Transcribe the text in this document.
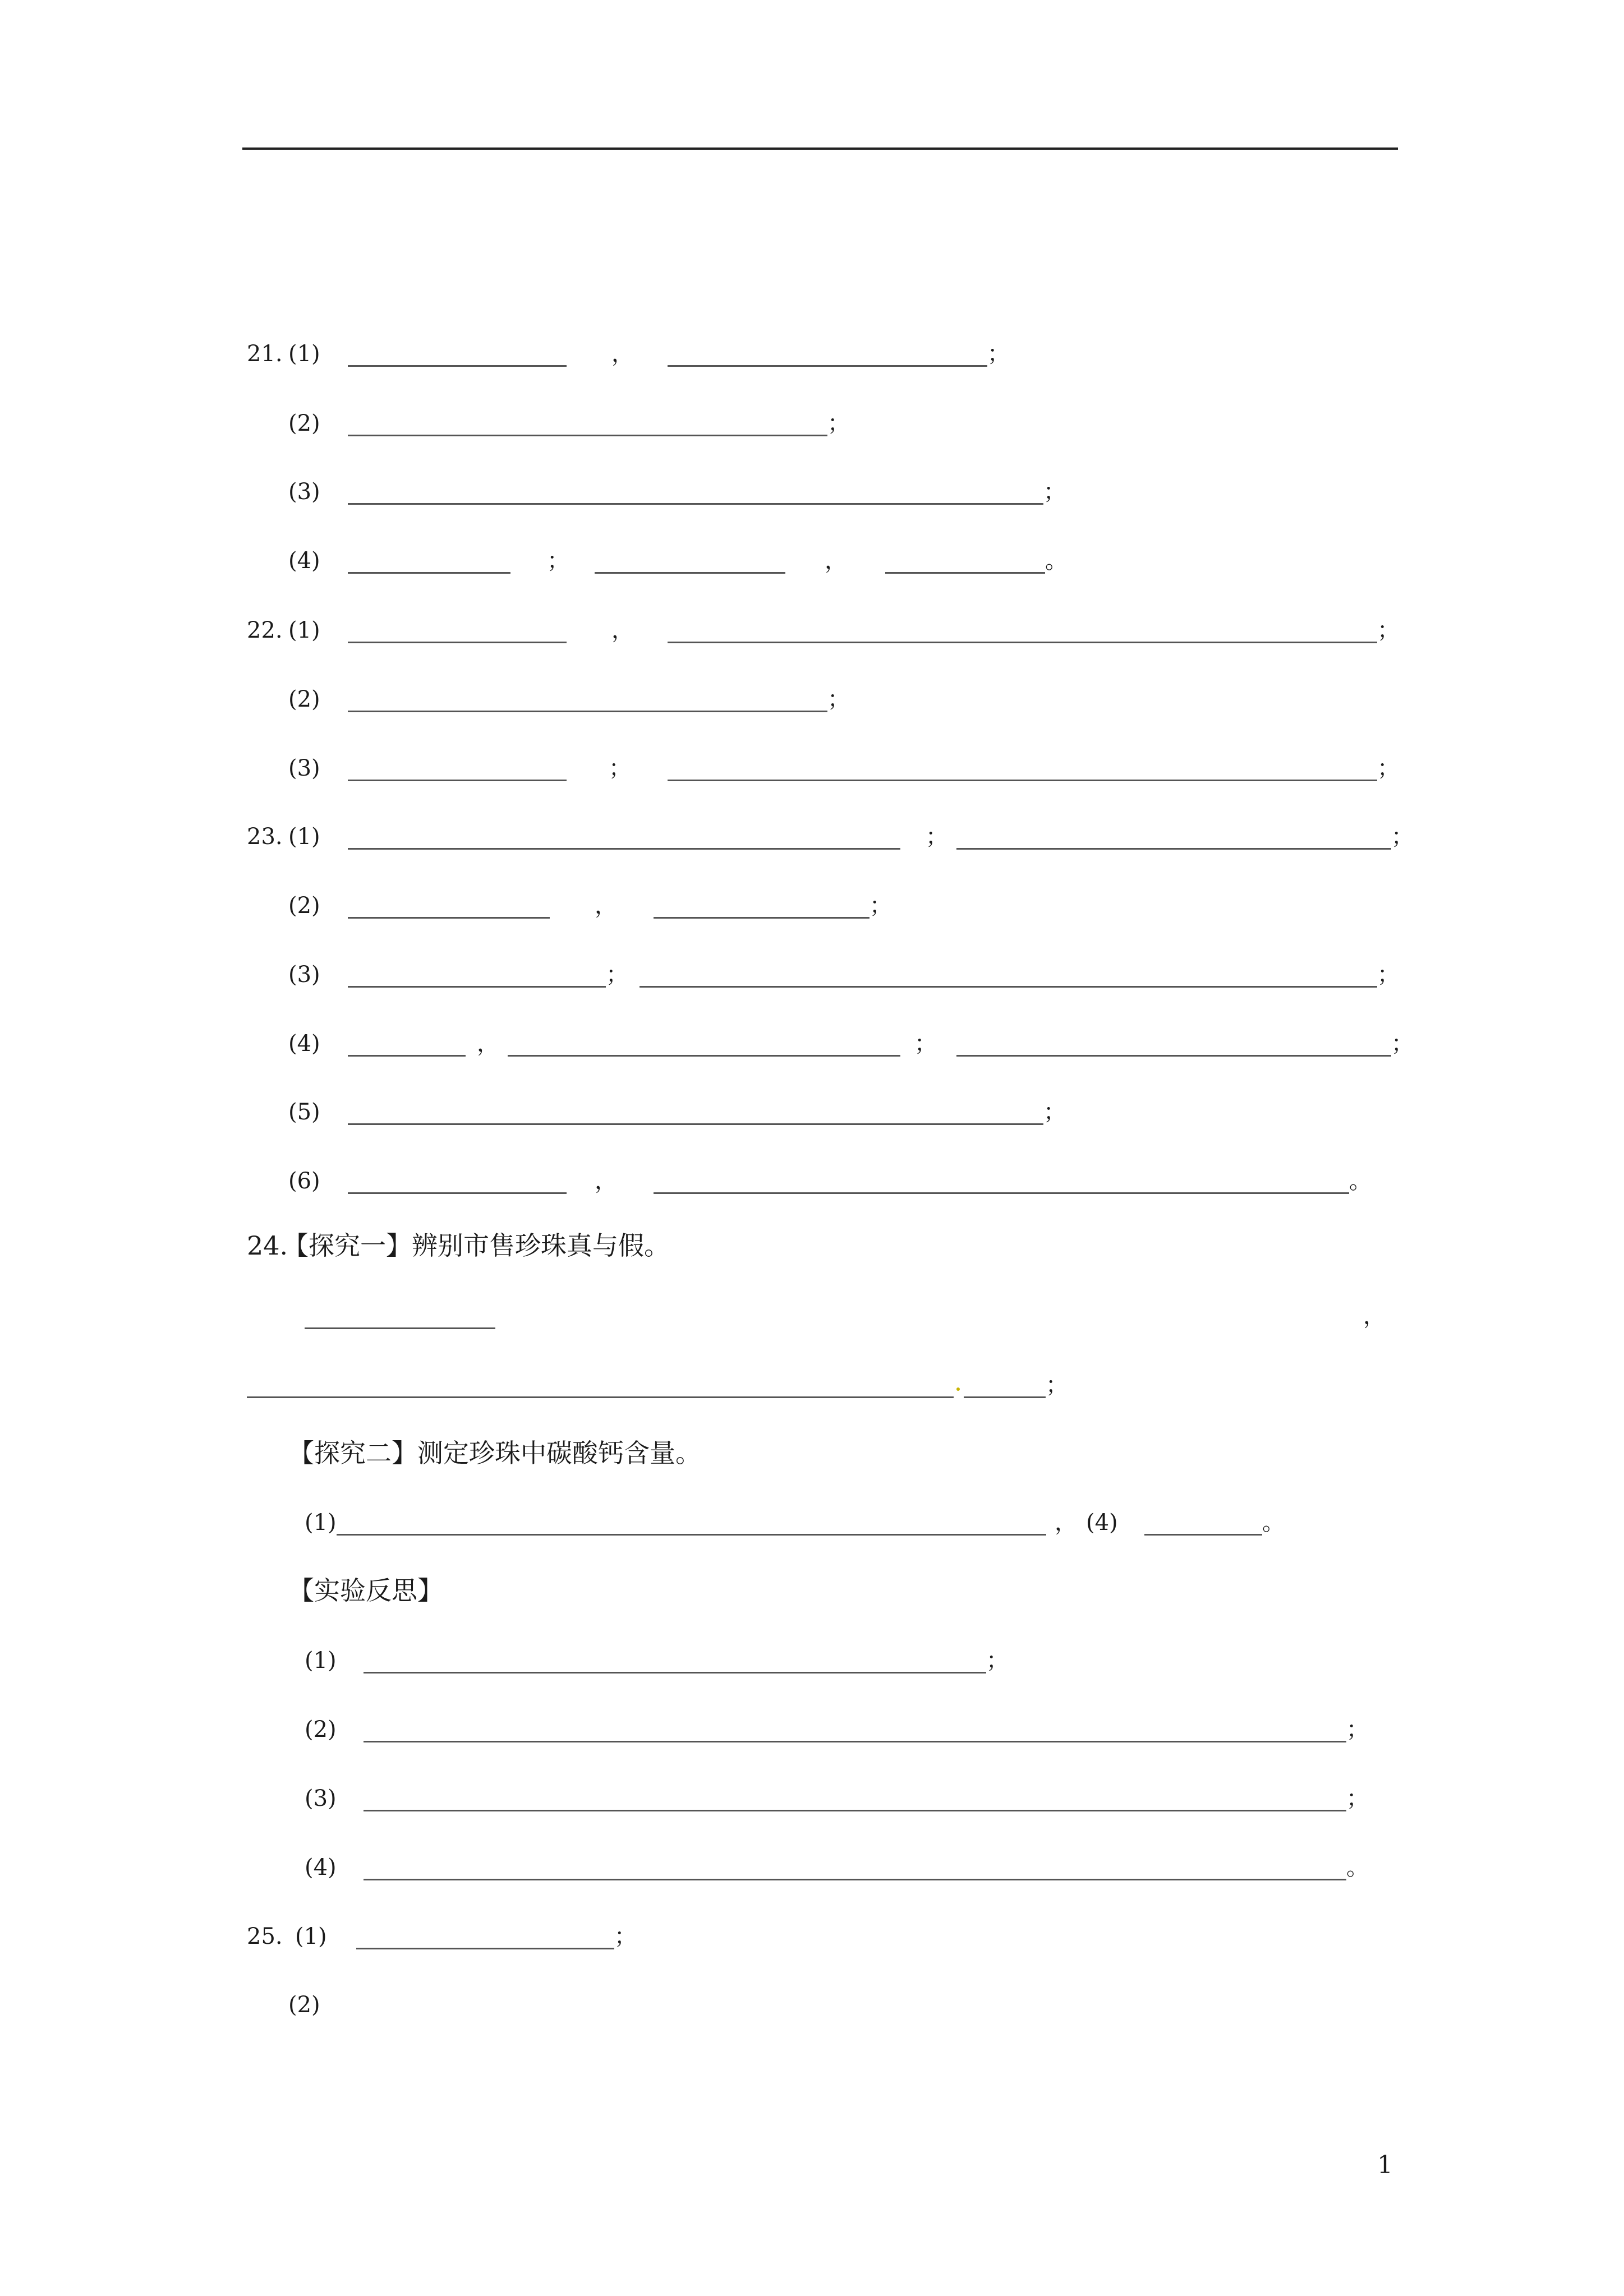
21. (1)	，	；
(2)	；
(3)	；
(4)	；	，	。
22. (1)	，	；
(2)	；
(3)	；	；
23. (1)	；	；
(2)	，	；
(3)	；	；
(4)	，	；	；
(5)	；
(6)	，	。
24.
【探究一】辨别市售珍珠真与假。
，
；
【探究二】测定珍珠中碳酸钙含量。
(1)	， (4)	。
【实验反思】
(1)	；
(2)	；
(3)	；
(4)	。
25. (1)	；
(2)
1
